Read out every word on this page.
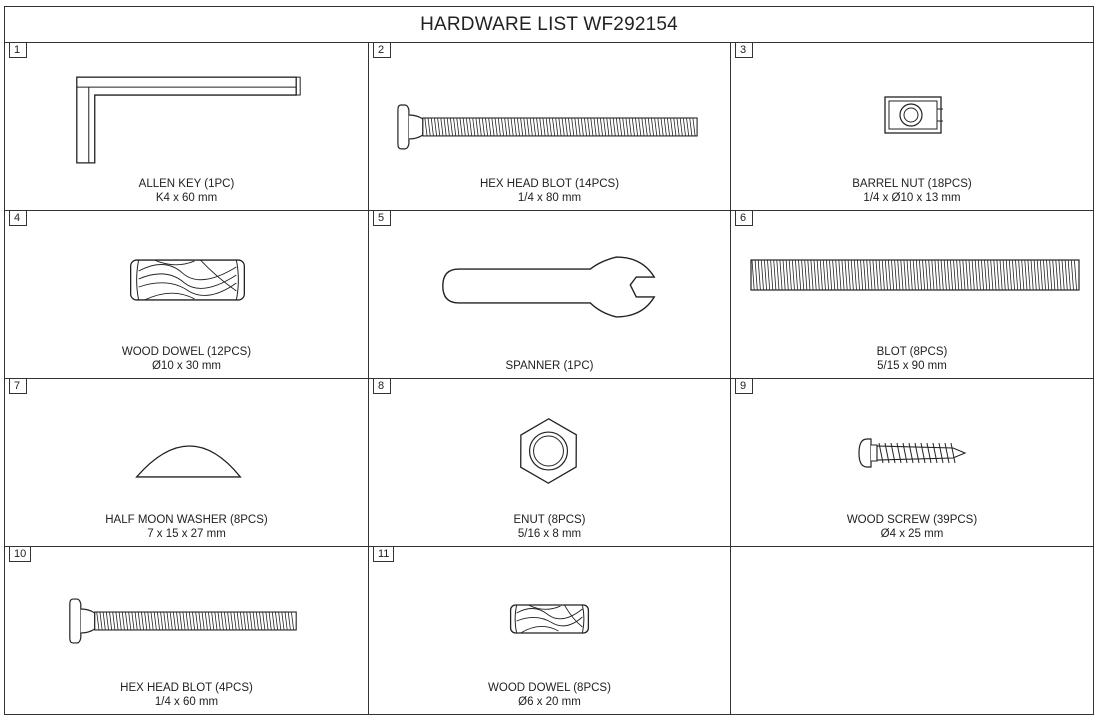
HARDWARE LIST WF292154
1
ALLEN KEY (1PC)
K4 x 60 mm
2
HEX HEAD BLOT (14PCS)
1/4 x 80 mm
3
BARREL NUT (18PCS)
1/4 x Ø10 x 13 mm
4
WOOD DOWEL (12PCS)
Ø10 x 30 mm
5
SPANNER (1PC)
6
BLOT (8PCS)
5/15 x 90 mm
7
HALF MOON WASHER (8PCS)
7 x 15 x 27 mm
8
ENUT (8PCS)
5/16 x 8 mm
9
WOOD SCREW (39PCS)
Ø4 x 25 mm
10
HEX HEAD BLOT (4PCS)
1/4 x 60 mm
11
WOOD DOWEL (8PCS)
Ø6 x 20 mm
